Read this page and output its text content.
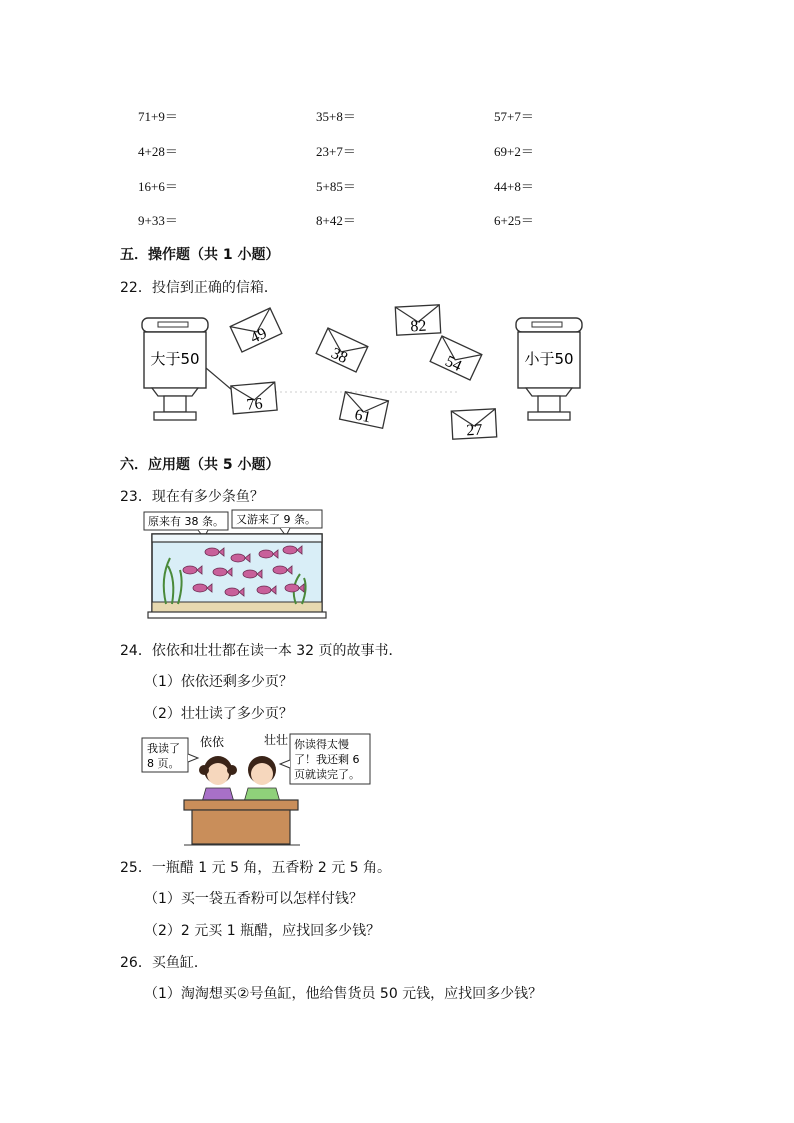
71+9＝	35+8＝	57+7＝
4+28＝	23+7＝	69+2＝
16+6＝	5+85＝	44+8＝
9+33＝	8+42＝	6+25＝
五．操作题（共 1 小题）
22．投信到正确的信箱．
大于50	小于50
49
38
82
54
76
61
27
六．应用题（共 5 小题）
23．现在有多少条鱼？
原来有 38 条。 又游来了 9 条。
24．依依和壮壮都在读一本 32 页的故事书．
（1）依依还剩多少页？
（2）壮壮读了多少页？
我读了
8 页。
依依	壮壮 你读得太慢
了！我还剩 6
页就读完了。
25．一瓶醋 1 元 5 角，五香粉 2 元 5 角。
（1）买一袋五香粉可以怎样付钱？
（2）2 元买 1 瓶醋，应找回多少钱？
26．买鱼缸．
（1）淘淘想买②号鱼缸，他给售货员 50 元钱，应找回多少钱？
